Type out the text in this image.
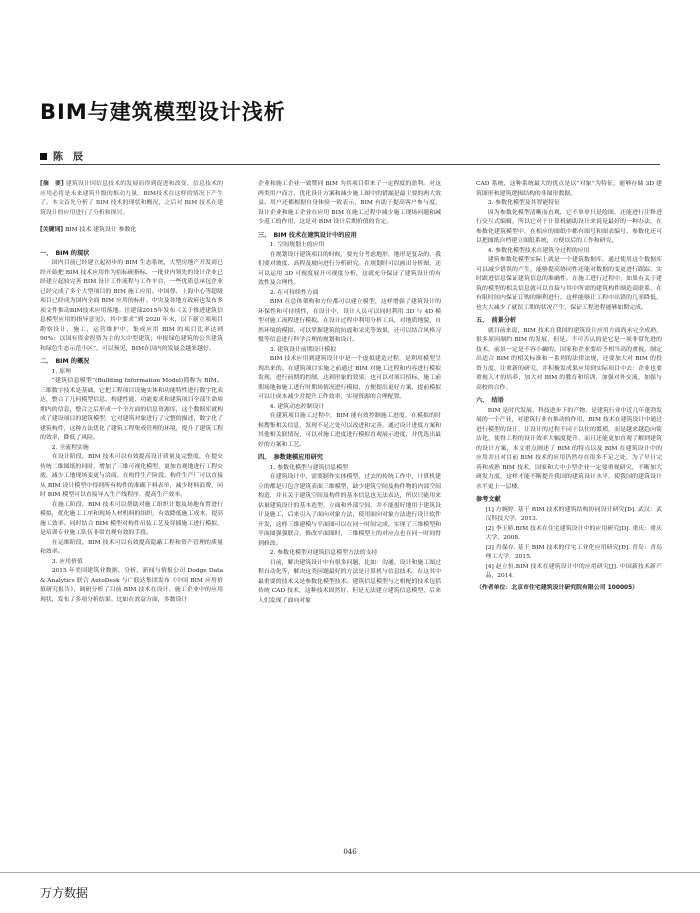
BIM与建筑模型设计浅析
陈　辰

[摘　要] 建筑设计因信息技术的发展而得到促进和改变，信息技术的应用必将是未来建筑升级的推动力量。BIM技术在这样的情况下产生了。本文首先分析了 BIM 技术的现状和概况，之后对 BIM 技术在建筑设计的应用进行了分析和探讨。

[关键词] BIM 技术 建筑设计 参数化

一、　BIM 的现状

国内目前已经建立起初步的 BIM 生态系统，大型房地产开发商已经开始把 BIM 技术应用作为招标硬指标，一批业内领先的设计企业已经建立起较完善 BIM 设计工作流程与工作平台，一些优质总承包企业已经完成了多个大型项目的 BIM 施工应用。中国尊、上海中心等超级项目已经成为国内全面 BIM 应用的标杆。中央及各地方政府也发布多项文件推动BIM技术应用落地。住建部2015年发布《关于推进建筑信息模型应用的指导意见》，其中要求“到 2020 年末，以下新立项项目勘察设计、施工、运营维护中，集成应用 BIM 的项目比率达到 90%：以国有资金投资为主的大中型建筑；申报绿色建筑的公共建筑和绿色生态示范小区”，可以预见，BIM在国内的发展会越来越好。

二、　BIM 的概况

1. 原理

“建筑信息模型”(Building Information Model)简称为 BIM。三维数字技术是基础，它把工程项目设施实体和功能特性进行数字化表达，整合了几何模型信息、构建性能、功能要求和建筑项目全部生命周期内的信息，整合之后形成一个全方面的信息资源库，这个数据库就构成了建设项目的建筑模型，它对建筑对象进行了完整的描述，数字化了建筑构件，这种方法优化了建筑工程集成管理的环境，提升了建筑工程的效率，降低了风险。

2. 全流程实施

在设计阶段，BIM 技术可以有效提高设计质量及完整度，在提交传统二维图纸的同时，增加了三维可视化模型，更加直观地进行工程交底，减少工地现场变更与洽商。在构件生产阶段，构件生产厂可以直接从 BIM 设计模型中得到所有构件的准确下料表单，减少材料浪费，同时 BIM 模型可以直接导入生产线程序，提高生产效率。

在施工阶段，BIM 技术可以帮助对施工组织计划及场地布置进行模拟，优化施工工序和现场人材机料的组织，有效降低施工成本，提高施工效率。同时结合 BIM 模型对构件吊装工艺及穿插施工进行模拟，是培训专业施工队伍非常直观有效的手段。

在运维阶段，BIM 技术可以有效提高隐蔽工程和资产管理的质量和效率。

3. 应用价值

2015 年美国建筑业数据、分析、新闻与情报公司 Dodge Data & Analytics 联合 AutoDesk 与广联达集团发布《中国 BIM 应用价值研究报告》，调研分析了目前 BIM 技术在设计、施工企业中的应用现状，发布了多项分析结果。比如在效益方面，多数设计

企业和施工企业一致赞同 BIM 为其项目带来了一定程度的盈利。对这两类用户而言，优化设计方案和减少施工图中的错漏是最主要的两大效益。用户还都根据自身体验一致表示，BIM 有助于提高客户参与度，设计企业和施工企业在应用 BIM 在施工过程中减少施工现场问题和减少返工的作用，这是对 BIM 设计后期价值的肯定。

三、　BIM 技术在建筑设计中的应用

1. 空间规划上的应用

在规划设计建筑项目的时候，要充分考虑地形，地形是复杂的，我们要对坡度、高程及坡向进行分析研究。在规划时可以画出分析图，还可以运用 3D 可视度展开可视度分析，这就充分保证了建筑设计的有效性及合理性。

2. 在可持续性方面

BIM 在总体架构和方位都可以建立模型，这样增强了建筑设计的环保性和可持续性，在设计中，设计人员可以同时利用 3D 与 4D 模型对施工流程进行模拟。在设计过程中利用分析工具，对地质地貌，自然环境的模拟，可以掌握建筑的抗震和采光等效果，还可以结合风格习惯等信息进行科学合理的规划和设计。

3. 建筑设计前期设计模拟

BIM 技术应用到建筑设计中是一个虚拟建造过程，是利用模型呈现出来的。在建筑项目实施之前通过 BIM 对施工过程和内容进行模拟发现，进行前期的控制，达到形象的效果，也可以对项目招标、施工前期场地和施工进行时期场情况进行模拟，方便提出更好方案，提前模拟可以让成本减少并提升工作效率，实现资源的合理配置。

4. 建筑动态控制设计

在建筑项目施工过程中，BIM 能有效控制施工进度，在模拟的时候搜集相关信息，发现不足之处可以改进和完善，通过设计进度方案和其他相关联情况，可以对施工进度进行模拟直观展示进度，并优选出最好的方案和工艺。

四、　参数建模应用研究

1. 参数化模型与建筑信息模型

在建筑设计中，需要制作实体模型，过去的传统工作中，计算机建立的都是只包含建筑表面三维模型，缺少建筑空间及构件物的内部空间构造，并且关于建筑空间及构件的基本信息也无法表达，所以只能用来估量建筑设计的基本造型、立面和外部空间，并不能很好地用于建筑设计及施工，后来引入了面向对象方法，使用面向对象方法进行设计软件开发，这样三维建模与平面图可以在同一时间完成，实现了三维模型和平面图强强联合。修改平面图时，三维模型上的对应点也在同一时间得到修改。

2. 参数化模型对建筑信息模型方法的支持

目前，解决建筑设计中有很多问题，比如：沟通、设计和施工图过程自动化等，解决这类问题最好的方法是计算机与信息技术。在这其中最重要的技术又是参数化模型技术。建筑信息模型与之相配的技术包括传统 CAD 技术，这种技术固然好，但是无法建立建筑信息模型，后来人们发现了面向对象

CAD 系统，这种系统最大的优点是以“对象”为特征，能够存储 3D 建筑图形和建筑逻辑结构的非图形数据。

3. 参数化模型及其智能特征

因为参数化模型清晰而直观，它不单单只是绘图，还能进行注释进行交互式编辑，所以它对于计算机辅助设计来说是最好的一种办法，在参数化建筑模型中，在相应的图纸中都有图号和图表编号，参数化还可以把图纸自档建立图纸系统，方便以后的工作和研究。

4. 参数化模型技术在建筑全过程的应用

建筑参数化模型实际上就是一个建筑数据库，通过使用这个数据库可以减少错误的产生，能够提高协同性还能对数据的变更进行跟踪，实时跟进信息保证建筑信息的准确性。在施工进行过程中，如果有关于建筑的模型的相关信息就可以直接与其中所需的建筑构件制造商联系，在有限时间内保证订购的顺利进行，这样能够让工程中出错的几率降低，也大大减少了就误工期的状况产生，保证工程进程能够如期完成。

五、　前景分析

就目前来说，BIM 技术在我国的建筑设计应用方面尚未完全成熟，很多原因制约 BIM 的发展，但是，不可否认的是它是一项非常先进的技术，前景一定是不容小觑的，国家和企业要给予相当高的重视，制定出适合 BIM 的相关标准和一系列的法律法规，还要加大对 BIM 的投资力度，注重新的研究，并积极发成果应用到实际项目中去：企业也要重视人才的培养，加大对 BIM 的教育和培训，加强对外交流，加强与高校的合作。

六、　结语

BIM 是时代发展、科技进步下的产物，是建筑行业中近几年蓬勃发展的一个产业，对建筑行业有推动的作用，BIM 技术在建筑设计中通过进行模型的设计，让设计的过程不同于以往的繁琐，而是越来越趋向简洁化，使得工程的设计效率大幅度提升，而且还能更加直观了解到建筑的设计方案，本文重点阐述了 BIM 的特点以及 BIM 在建筑设计中的应用并且对目前 BIM 技术的应用仍然存在很多不足之处，为了早日完善和成熟 BIM 技术，国家和大中小型企业一定要重视研究，不断加大研发力度，这样才能不断提升我国的建筑设计水平，使我国的建筑设计水平更上一层楼。

参考文献

[1] 方婉婷. 基于 BIM 技术的建筑结构协同设计研究[D]. 武汉：武汉科技大学，2013.

[2] 李玉娇.BIM 技术在住宅建筑设计中的应用研究[D]. 重庆：重庆大学，2008.

[3] 肖保存. 基于 BIM 技术的住宅工业化应用研究[D]. 青岛：青岛理工大学，2015.

[4] 赵立恒.BIM 技术在建筑设计中的应用研究[J]. 中国新技术新产品，2014.

（作者单位：北京市住宅建筑设计研究院有限公司 100005）

046
万方数据
